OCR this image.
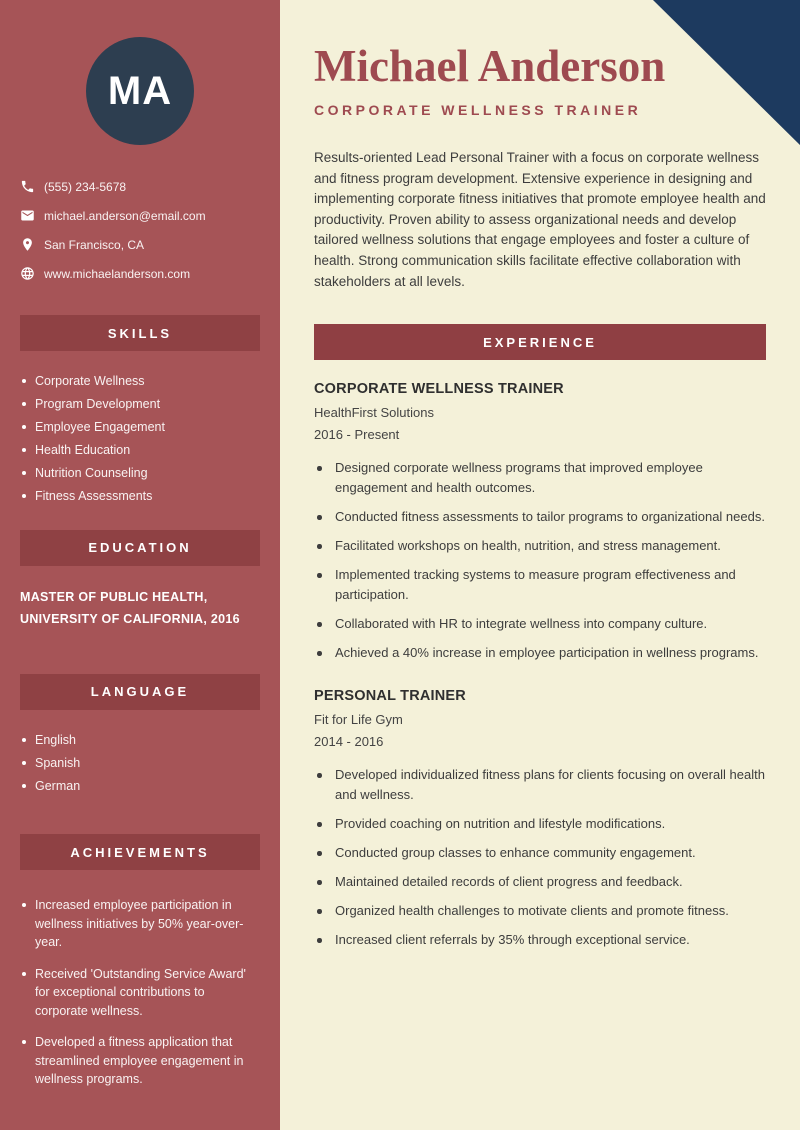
MA
(555) 234-5678
michael.anderson@email.com
San Francisco, CA
www.michaelanderson.com
SKILLS
Corporate Wellness
Program Development
Employee Engagement
Health Education
Nutrition Counseling
Fitness Assessments
EDUCATION
MASTER OF PUBLIC HEALTH, UNIVERSITY OF CALIFORNIA, 2016
LANGUAGE
English
Spanish
German
ACHIEVEMENTS
Increased employee participation in wellness initiatives by 50% year-over-year.
Received 'Outstanding Service Award' for exceptional contributions to corporate wellness.
Developed a fitness application that streamlined employee engagement in wellness programs.
Michael Anderson
CORPORATE WELLNESS TRAINER

Results-oriented Lead Personal Trainer with a focus on corporate wellness and fitness program development. Extensive experience in designing and implementing corporate fitness initiatives that promote employee health and productivity. Proven ability to assess organizational needs and develop tailored wellness solutions that engage employees and foster a culture of health. Strong communication skills facilitate effective collaboration with stakeholders at all levels.

EXPERIENCE
CORPORATE WELLNESS TRAINER
HealthFirst Solutions
2016 - Present
Designed corporate wellness programs that improved employee engagement and health outcomes.
Conducted fitness assessments to tailor programs to organizational needs.
Facilitated workshops on health, nutrition, and stress management.
Implemented tracking systems to measure program effectiveness and participation.
Collaborated with HR to integrate wellness into company culture.
Achieved a 40% increase in employee participation in wellness programs.
PERSONAL TRAINER
Fit for Life Gym
2014 - 2016
Developed individualized fitness plans for clients focusing on overall health and wellness.
Provided coaching on nutrition and lifestyle modifications.
Conducted group classes to enhance community engagement.
Maintained detailed records of client progress and feedback.
Organized health challenges to motivate clients and promote fitness.
Increased client referrals by 35% through exceptional service.
